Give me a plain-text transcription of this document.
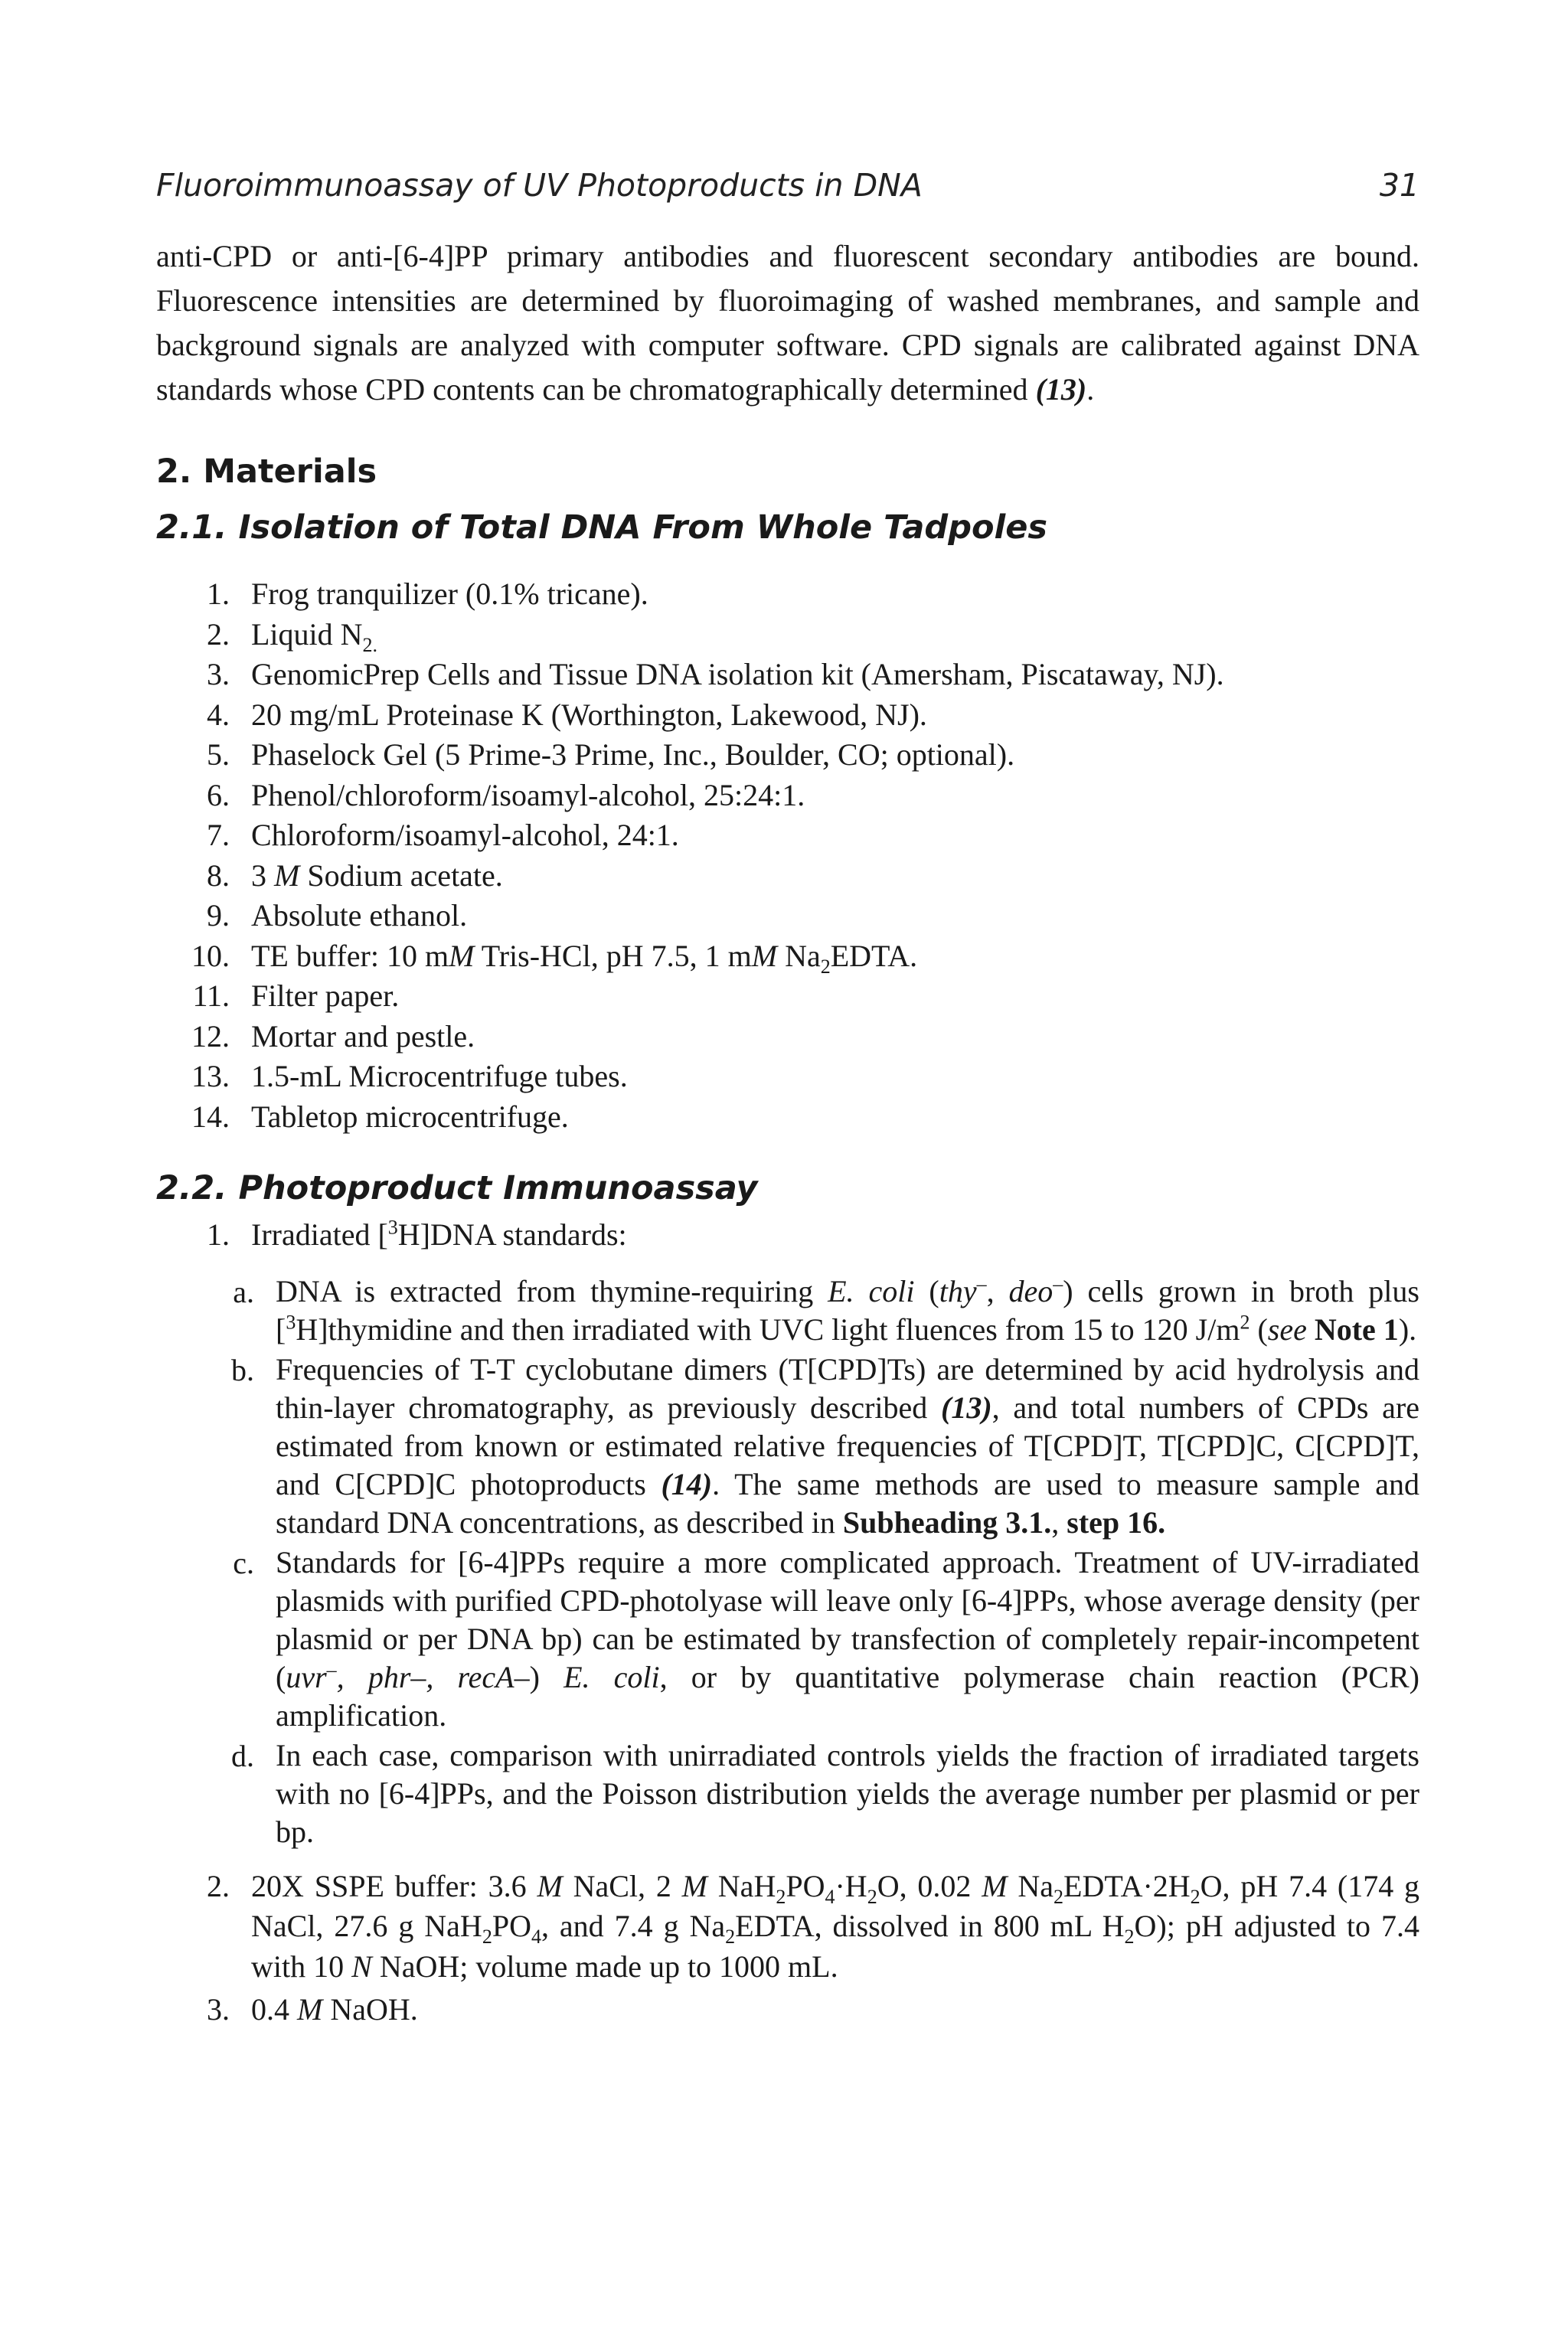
Fluoroimmunoassay of UV Photoproducts in DNA	31
anti-CPD or anti-[6-4]PP primary antibodies and fluorescent secondary antibodies are bound. Fluorescence intensities are determined by fluoroimaging of washed membranes, and sample and background signals are analyzed with computer software. CPD signals are calibrated against DNA standards whose CPD contents can be chromatographically determined (13).
2. Materials
2.1. Isolation of Total DNA From Whole Tadpoles
1. Frog tranquilizer (0.1% tricane).
2. Liquid $N_{2.}$
3. GenomicPrep Cells and Tissue DNA isolation kit (Amersham, Piscataway, NJ).
4. 20 mg/mL Proteinase K (Worthington, Lakewood, NJ).
5. Phaselock Gel (5 Prime-3 Prime, Inc., Boulder, CO; optional).
6. Phenol/chloroform/isoamyl-alcohol, 25:24:1.
7. Chloroform/isoamyl-alcohol, 24:1.
8. 3 M Sodium acetate.
9. Absolute ethanol.
10. TE buffer: 10 mM Tris-HCl, pH 7.5, 1 mM $Na_2EDTA$.
11. Filter paper.
12. Mortar and pestle.
13. 1.5-mL Microcentrifuge tubes.
14. Tabletop microcentrifuge.
2.2. Photoproduct Immunoassay
1. Irradiated [$^3$H]DNA standards:
a. DNA is extracted from thymine-requiring E. coli (thy–, deo–) cells grown in broth plus [$^3$H]thymidine and then irradiated with UVC light fluences from 15 to 120 $J/m^2$ (see Note 1).
b. Frequencies of T-T cyclobutane dimers (T[CPD]Ts) are determined by acid hydrolysis and thin-layer chromatography, as previously described (13), and total numbers of CPDs are estimated from known or estimated relative frequencies of T[CPD]T, T[CPD]C, C[CPD]T, and C[CPD]C photoproducts (14). The same methods are used to measure sample and standard DNA concentrations, as described in Subheading 3.1., step 16.
c. Standards for [6-4]PPs require a more complicated approach. Treatment of UV-irradiated plasmids with purified CPD-photolyase will leave only [6-4]PPs, whose average density (per plasmid or per DNA bp) can be estimated by transfection of completely repair-incompetent (uvr–, phr–, recA–) E. coli, or by quantitative polymerase chain reaction (PCR) amplification.
d. In each case, comparison with unirradiated controls yields the fraction of irradiated targets with no [6-4]PPs, and the Poisson distribution yields the average number per plasmid or per bp.
2. 20X SSPE buffer: 3.6 M NaCl, 2 M $NaH_2PO_4\cdot H_2O$, 0.02 M $Na_2EDTA\cdot 2H_2O$, pH 7.4 (174 g NaCl, 27.6 g $NaH_2PO_4$, and 7.4 g $Na_2EDTA$, dissolved in 800 mL $H_2O$); pH adjusted to 7.4 with 10 N NaOH; volume made up to 1000 mL.
3. 0.4 M NaOH.
